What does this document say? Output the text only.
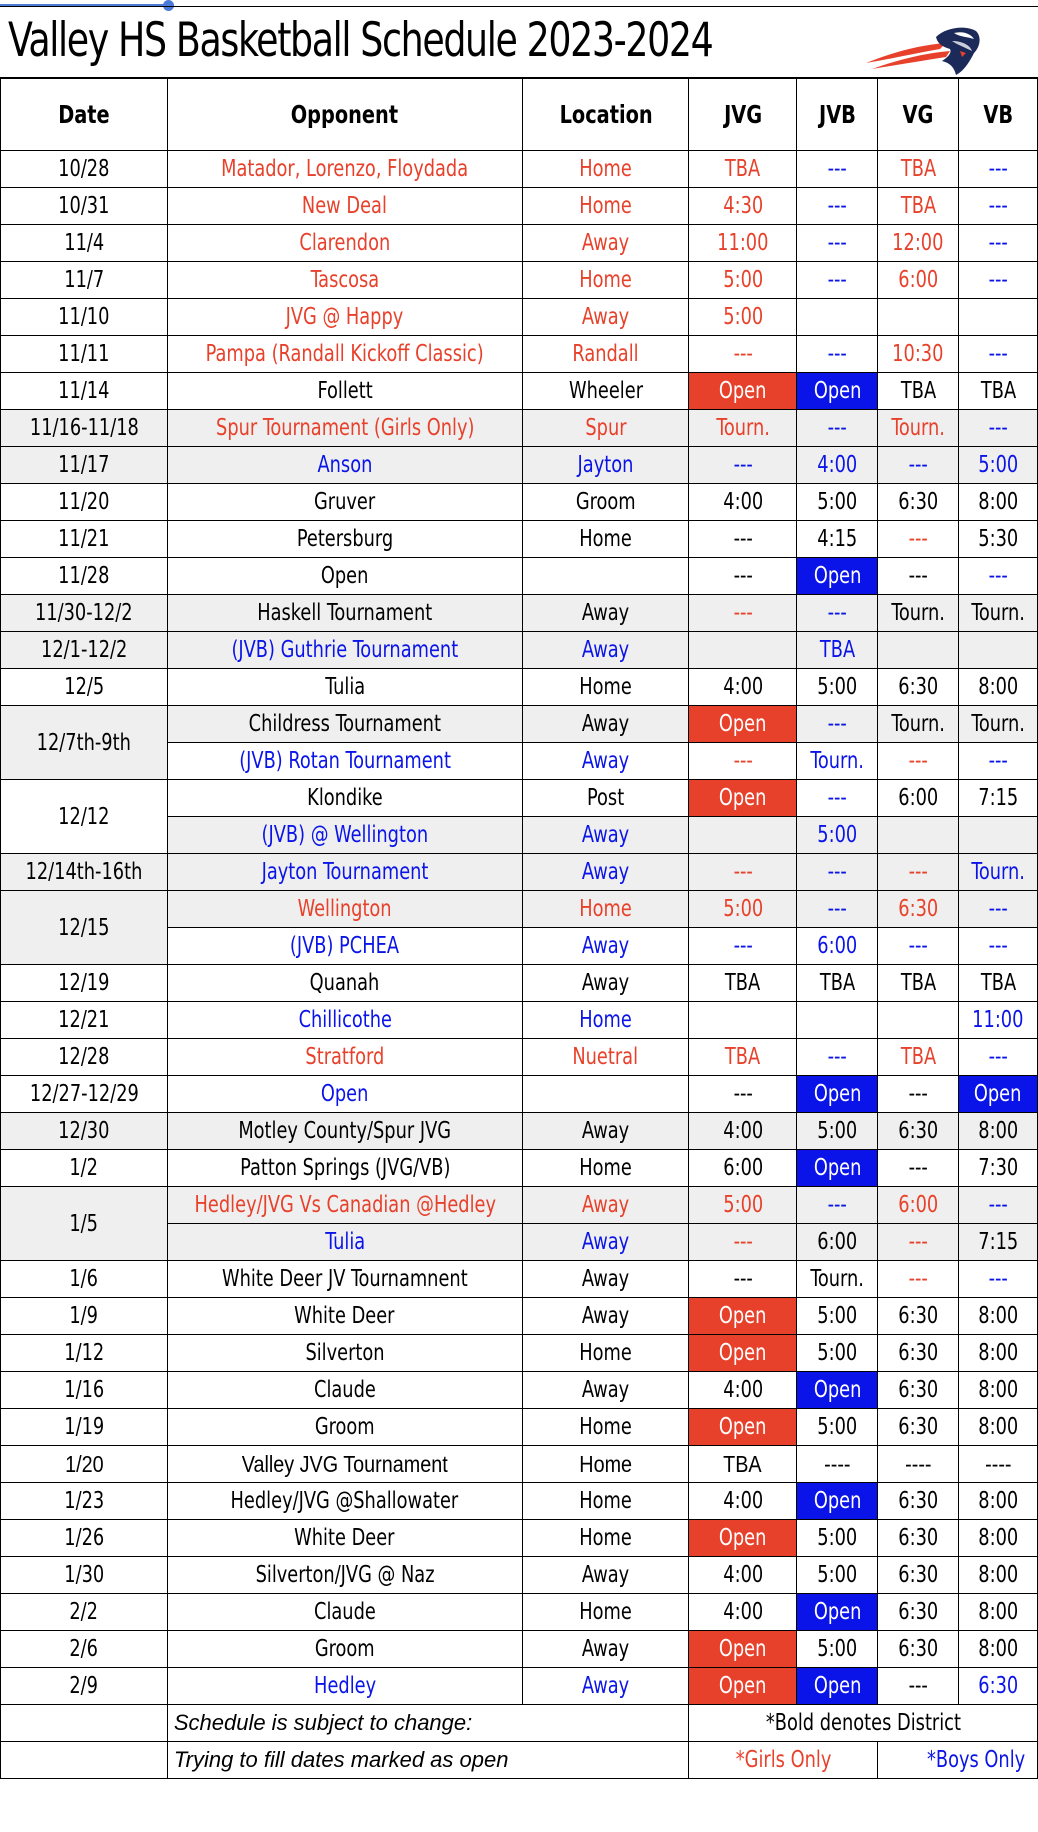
Valley HS Basketball Schedule 2023-2024
Date	Opponent	Location	JVG	JVB	VG	VB
10/28	Matador, Lorenzo, Floydada	Home	TBA	---	TBA	---
10/31	New Deal	Home	4:30	---	TBA	---
11/4	Clarendon	Away	11:00	---	12:00	---
11/7	Tascosa	Home	5:00	---	6:00	---
11/10	JVG @ Happy	Away	5:00			
11/11	Pampa (Randall Kickoff Classic)	Randall	---	---	10:30	---
11/14	Follett	Wheeler	Open	Open	TBA	TBA
11/16-11/18	Spur Tournament (Girls Only)	Spur	Tourn.	---	Tourn.	---
11/17	Anson	Jayton	---	4:00	---	5:00
11/20	Gruver	Groom	4:00	5:00	6:30	8:00
11/21	Petersburg	Home	---	4:15	---	5:30
11/28	Open		---	Open	---	---
11/30-12/2	Haskell Tournament	Away	---	---	Tourn.	Tourn.
12/1-12/2	(JVB) Guthrie Tournament	Away		TBA		
12/5	Tulia	Home	4:00	5:00	6:30	8:00
12/7th-9th	Childress Tournament	Away	Open	---	Tourn.	Tourn.
	(JVB) Rotan Tournament	Away	---	Tourn.	---	---
12/12	Klondike	Post	Open	---	6:00	7:15
	(JVB) @ Wellington	Away		5:00		
12/14th-16th	Jayton Tournament	Away	---	---	---	Tourn.
12/15	Wellington	Home	5:00	---	6:30	---
	(JVB) PCHEA	Away	---	6:00	---	---
12/19	Quanah	Away	TBA	TBA	TBA	TBA
12/21	Chillicothe	Home				11:00
12/28	Stratford	Nuetral	TBA	---	TBA	---
12/27-12/29	Open		---	Open	---	Open
12/30	Motley County/Spur JVG	Away	4:00	5:00	6:30	8:00
1/2	Patton Springs (JVG/VB)	Home	6:00	Open	---	7:30
1/5	Hedley/JVG Vs Canadian @Hedley	Away	5:00	---	6:00	---
	Tulia	Away	---	6:00	---	7:15
1/6	White Deer JV Tournamnent	Away	---	Tourn.	---	---
1/9	White Deer	Away	Open	5:00	6:30	8:00
1/12	Silverton	Home	Open	5:00	6:30	8:00
1/16	Claude	Away	4:00	Open	6:30	8:00
1/19	Groom	Home	Open	5:00	6:30	8:00
1/20	Valley JVG Tournament	Home	TBA	----	----	----
1/23	Hedley/JVG @Shallowater	Home	4:00	Open	6:30	8:00
1/26	White Deer	Home	Open	5:00	6:30	8:00
1/30	Silverton/JVG @ Naz	Away	4:00	5:00	6:30	8:00
2/2	Claude	Home	4:00	Open	6:30	8:00
2/6	Groom	Away	Open	5:00	6:30	8:00
2/9	Hedley	Away	Open	Open	---	6:30
	Schedule is subject to change:		*Bold denotes District			
	Trying to fill dates marked as open		*Girls Only		*Boys Only	
